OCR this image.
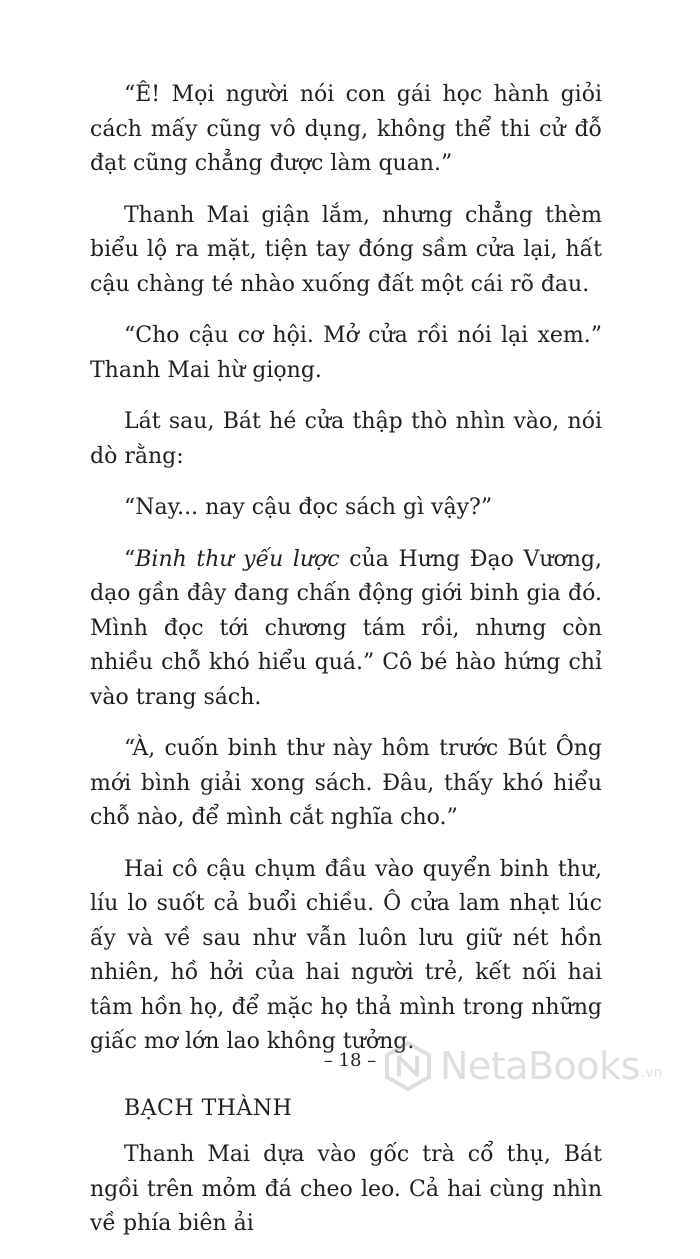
“Ê! Mọi người nói con gái học hành giỏi cách mấy cũng vô dụng, không thể thi cử đỗ đạt cũng chẳng được làm quan.”

Thanh Mai giận lắm, nhưng chẳng thèm biểu lộ ra mặt, tiện tay đóng sầm cửa lại, hất cậu chàng té nhào xuống đất một cái rõ đau.

“Cho cậu cơ hội. Mở cửa rồi nói lại xem.” Thanh Mai hừ giọng.

Lát sau, Bát hé cửa thập thò nhìn vào, nói dò rằng:

“Nay... nay cậu đọc sách gì vậy?”

“Binh thư yếu lược của Hưng Đạo Vương, dạo gần đây đang chấn động giới binh gia đó. Mình đọc tới chương tám rồi, nhưng còn nhiều chỗ khó hiểu quá.” Cô bé hào hứng chỉ vào trang sách.

“À, cuốn binh thư này hôm trước Bút Ông mới bình giải xong sách. Đâu, thấy khó hiểu chỗ nào, để mình cắt nghĩa cho.”

Hai cô cậu chụm đầu vào quyển binh thư, líu lo suốt cả buổi chiều. Ô cửa lam nhạt lúc ấy và về sau như vẫn luôn lưu giữ nét hồn nhiên, hồ hởi của hai người trẻ, kết nối hai tâm hồn họ, để mặc họ thả mình trong những giấc mơ lớn lao không tưởng.

BẠCH THÀNH

Thanh Mai dựa vào gốc trà cổ thụ, Bát ngồi trên mỏm đá cheo leo. Cả hai cùng nhìn về phía biên ải

– 18 –	NetaBooks .vn
